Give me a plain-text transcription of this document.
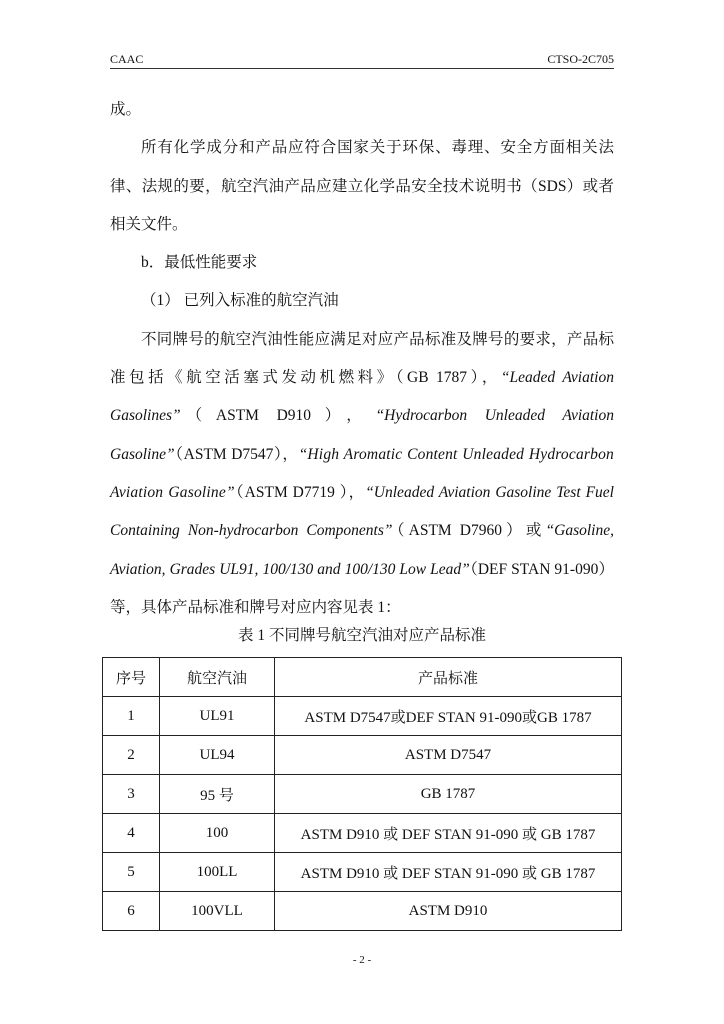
CAAC	CTSO-2C705

成。

所有化学成分和产品应符合国家关于环保、毒理、安全方面相关法律、法规的要，航空汽油产品应建立化学品安全技术说明书（SDS）或者相关文件。

b．最低性能要求

（1） 已列入标准的航空汽油

不同牌号的航空汽油性能应满足对应产品标准及牌号的要求，产品标准包括《航空活塞式发动机燃料》（GB 1787），“Leaded Aviation Gasolines”（ASTM D910），“Hydrocarbon Unleaded Aviation Gasoline”（ASTM D7547），“High Aromatic Content Unleaded Hydrocarbon Aviation Gasoline”（ASTM D7719 ），“Unleaded Aviation Gasoline Test Fuel Containing Non-hydrocarbon Components”（ASTM D7960）或“Gasoline, Aviation, Grades UL91, 100/130 and 100/130 Low Lead”（DEF STAN 91-090）等，具体产品标准和牌号对应内容见表 1：

表 1 不同牌号航空汽油对应产品标准
序号	航空汽油	产品标准
1	UL91	ASTM D7547或DEF STAN 91-090或GB 1787
2	UL94	ASTM D7547
3	95 号	GB 1787
4	100	ASTM D910 或 DEF STAN 91-090 或 GB 1787
5	100LL	ASTM D910 或 DEF STAN 91-090 或 GB 1787
6	100VLL	ASTM D910
- 2 -
